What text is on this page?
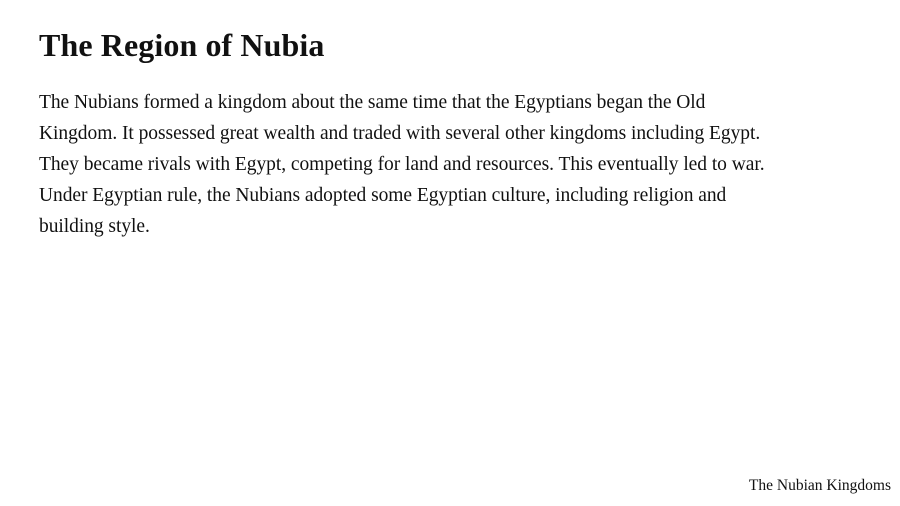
The Region of Nubia
The Nubians formed a kingdom about the same time that the Egyptians began the Old
Kingdom. It possessed great wealth and traded with several other kingdoms including Egypt.
They became rivals with Egypt, competing for land and resources. This eventually led to war.
Under Egyptian rule, the Nubians adopted some Egyptian culture, including religion and
building style.
The Nubian Kingdoms
